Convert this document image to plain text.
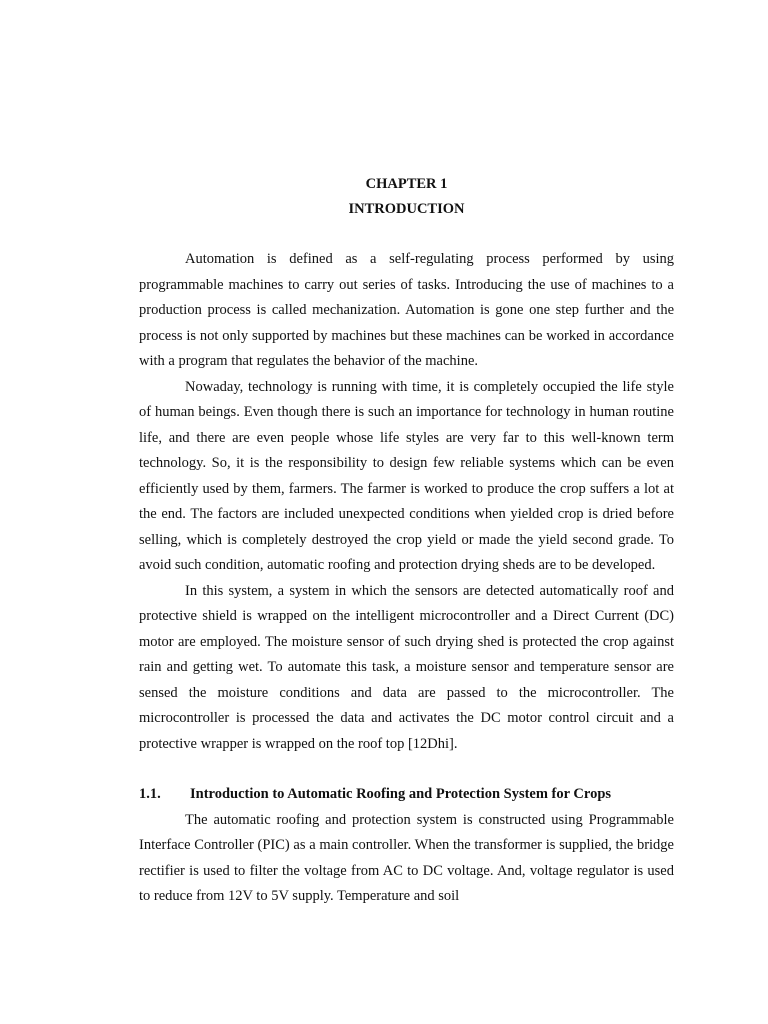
CHAPTER 1
INTRODUCTION

Automation is defined as a self-regulating process performed by using programmable machines to carry out series of tasks. Introducing the use of machines to a production process is called mechanization. Automation is gone one step further and the process is not only supported by machines but these machines can be worked in accordance with a program that regulates the behavior of the machine.

Nowaday, technology is running with time, it is completely occupied the life style of human beings. Even though there is such an importance for technology in human routine life, and there are even people whose life styles are very far to this well-known term technology. So, it is the responsibility to design few reliable systems which can be even efficiently used by them, farmers. The farmer is worked to produce the crop suffers a lot at the end. The factors are included unexpected conditions when yielded crop is dried before selling, which is completely destroyed the crop yield or made the yield second grade. To avoid such condition, automatic roofing and protection drying sheds are to be developed.

In this system, a system in which the sensors are detected automatically roof and protective shield is wrapped on the intelligent microcontroller and a Direct Current (DC) motor are employed. The moisture sensor of such drying shed is protected the crop against rain and getting wet. To automate this task, a moisture sensor and temperature sensor are sensed the moisture conditions and data are passed to the microcontroller. The microcontroller is processed the data and activates the DC motor control circuit and a protective wrapper is wrapped on the roof top [12Dhi].

1.1.	Introduction to Automatic Roofing and Protection System for Crops

The automatic roofing and protection system is constructed using Programmable Interface Controller (PIC) as a main controller. When the transformer is supplied, the bridge rectifier is used to filter the voltage from AC to DC voltage. And, voltage regulator is used to reduce from 12V to 5V supply. Temperature and soil
